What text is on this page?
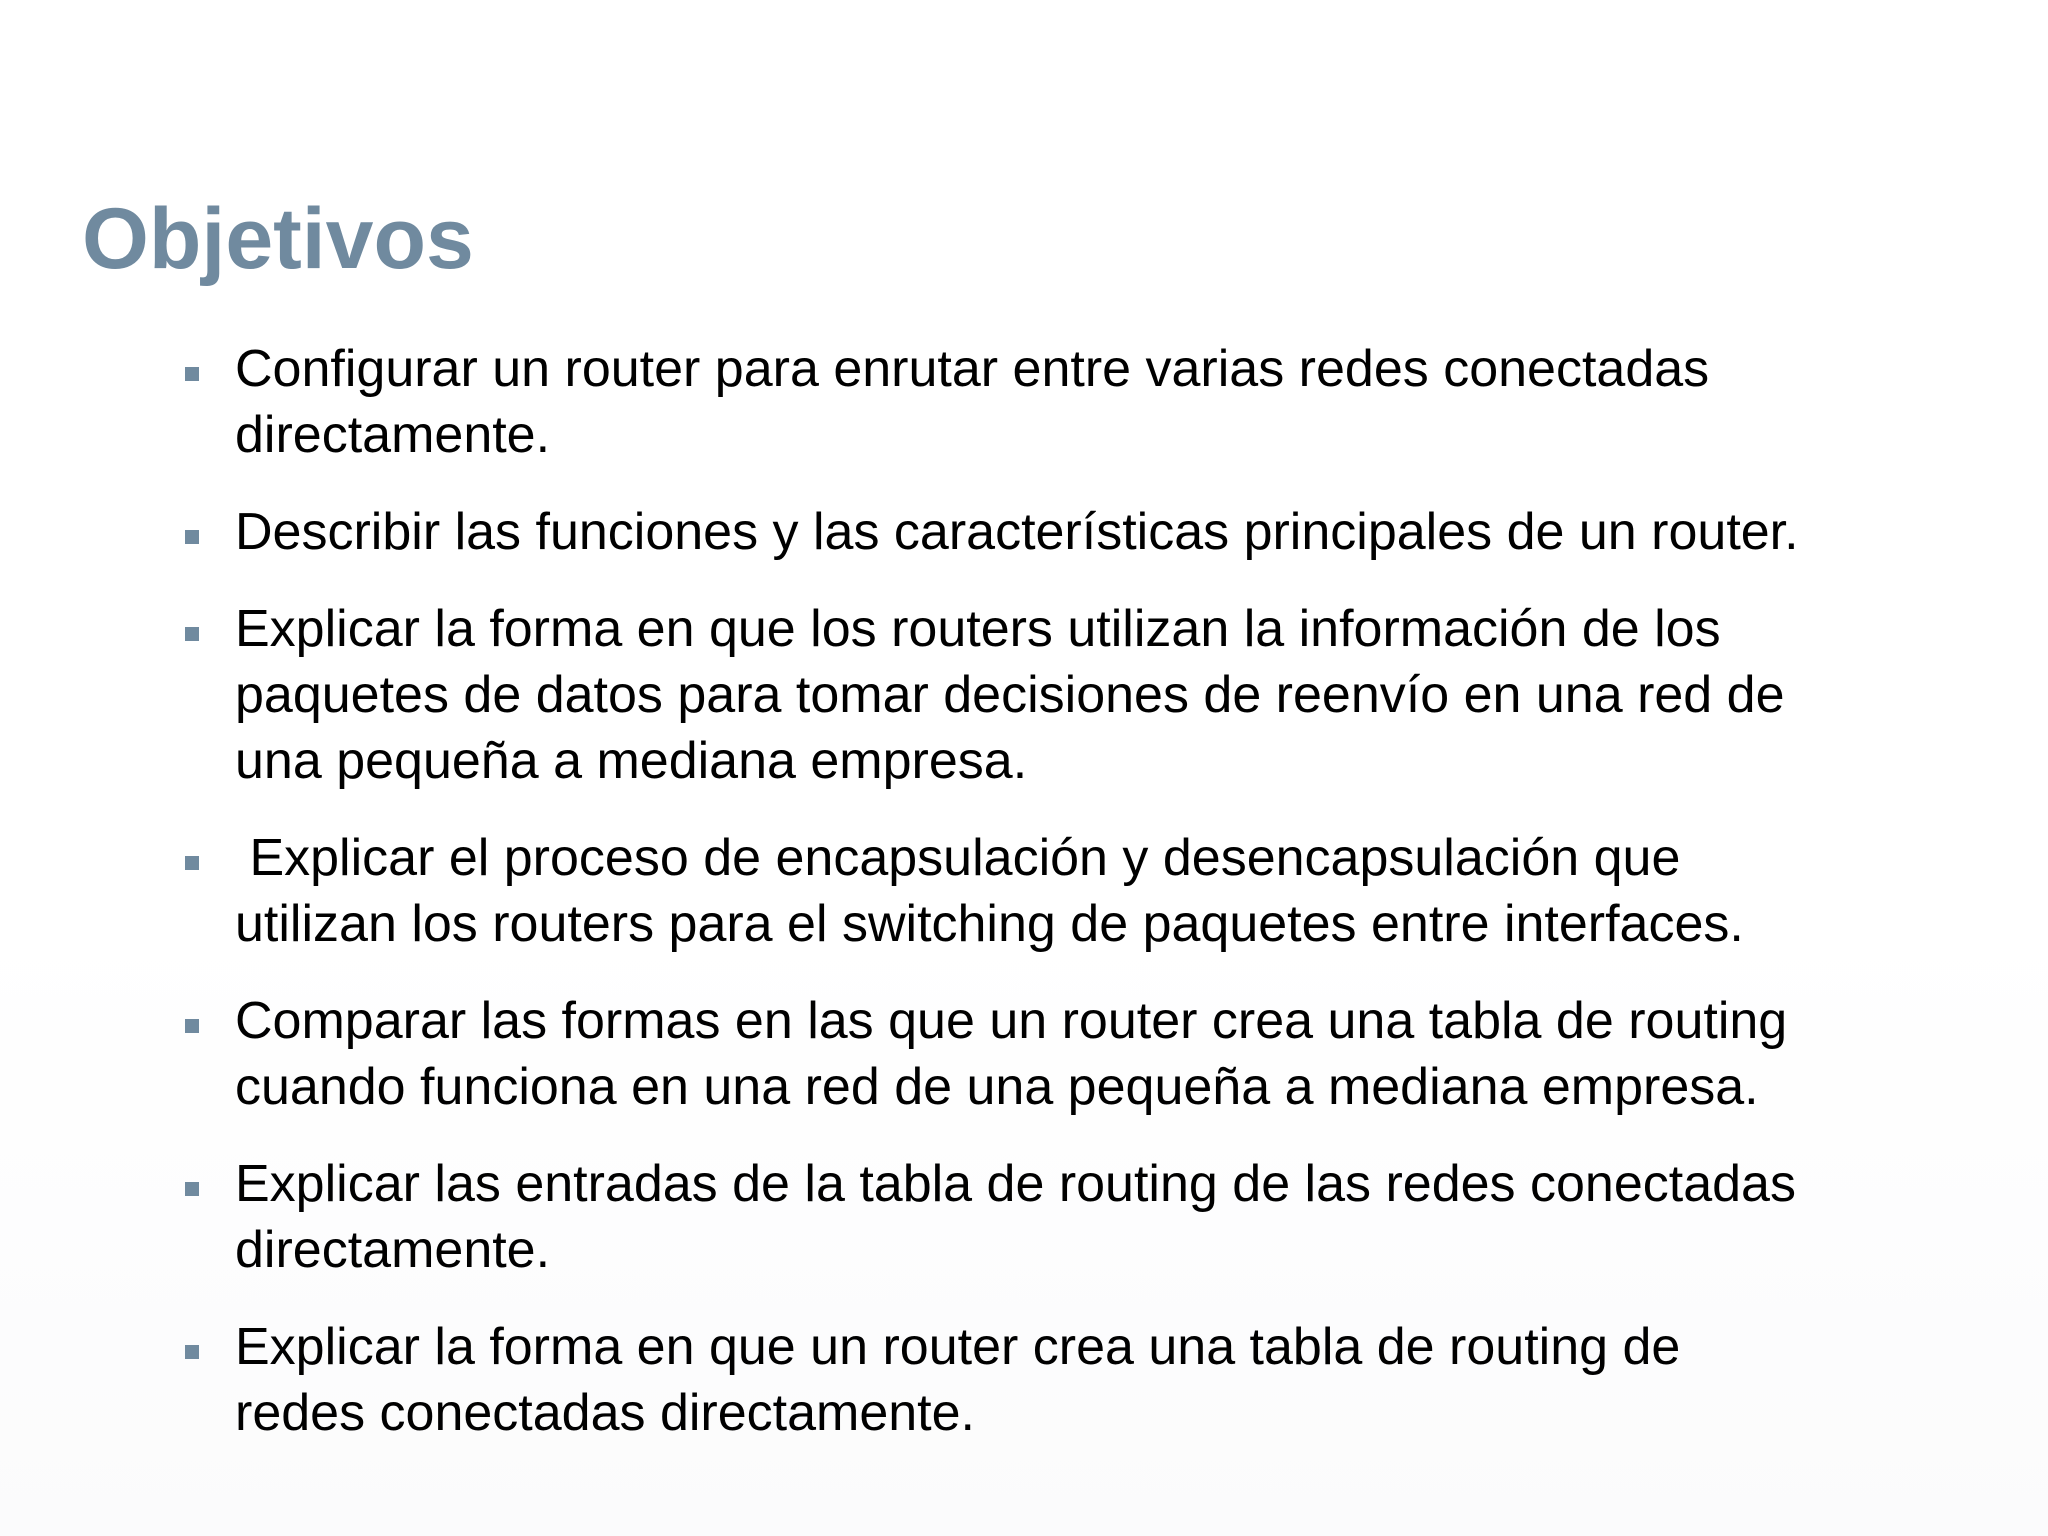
Objetivos
Configurar un router para enrutar entre varias redes conectadas
directamente.
Describir las funciones y las características principales de un router.
Explicar la forma en que los routers utilizan la información de los
paquetes de datos para tomar decisiones de reenvío en una red de
una pequeña a mediana empresa.
Explicar el proceso de encapsulación y desencapsulación que
utilizan los routers para el switching de paquetes entre interfaces.
Comparar las formas en las que un router crea una tabla de routing
cuando funciona en una red de una pequeña a mediana empresa.
Explicar las entradas de la tabla de routing de las redes conectadas
directamente.
Explicar la forma en que un router crea una tabla de routing de
redes conectadas directamente.
